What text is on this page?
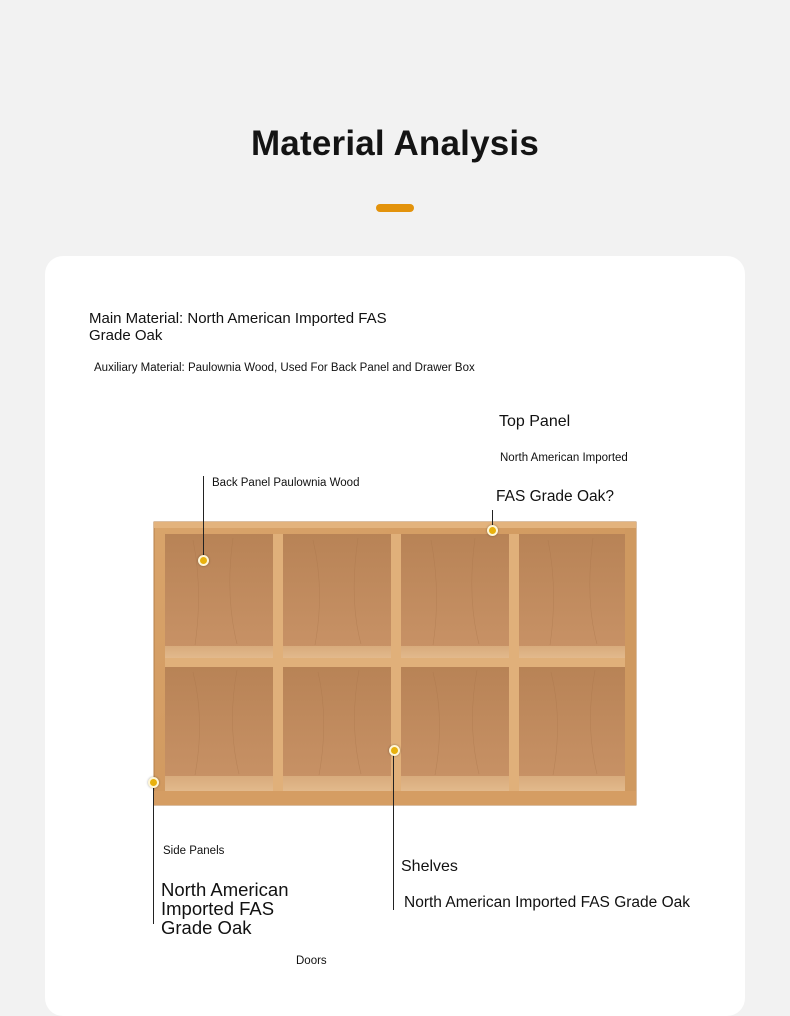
Material Analysis
Main Material: North American Imported FAS Grade Oak
Auxiliary Material: Paulownia Wood, Used For Back Panel and Drawer Box
Top Panel
North American Imported
FAS Grade Oak?
Back Panel Paulownia Wood
Side Panels
North American Imported FAS Grade Oak
Shelves
North American Imported FAS Grade Oak
Doors
